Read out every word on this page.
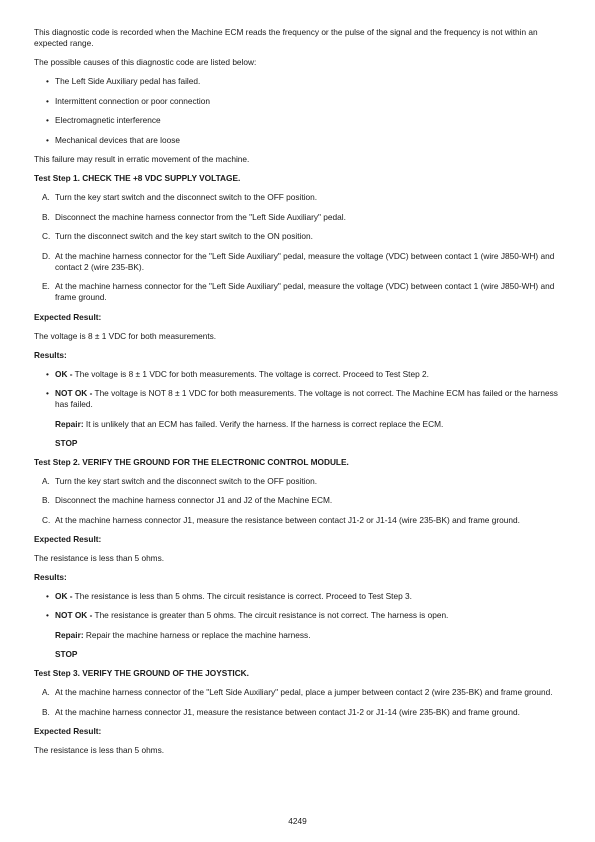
This diagnostic code is recorded when the Machine ECM reads the frequency or the pulse of the signal and the frequency is not within an expected range.

The possible causes of this diagnostic code are listed below:

• The Left Side Auxiliary pedal has failed.
• Intermittent connection or poor connection
• Electromagnetic interference
• Mechanical devices that are loose

This failure may result in erratic movement of the machine.

Test Step 1. CHECK THE +8 VDC SUPPLY VOLTAGE.

A. Turn the key start switch and the disconnect switch to the OFF position.
B. Disconnect the machine harness connector from the "Left Side Auxiliary" pedal.
C. Turn the disconnect switch and the key start switch to the ON position.
D. At the machine harness connector for the "Left Side Auxiliary" pedal, measure the voltage (VDC) between contact 1 (wire J850-WH) and contact 2 (wire 235-BK).
E. At the machine harness connector for the "Left Side Auxiliary" pedal, measure the voltage (VDC) between contact 1 (wire J850-WH) and frame ground.

Expected Result:

The voltage is 8 ± 1 VDC for both measurements.

Results:

• OK - The voltage is 8 ± 1 VDC for both measurements. The voltage is correct. Proceed to Test Step 2.
• NOT OK - The voltage is NOT 8 ± 1 VDC for both measurements. The voltage is not correct. The Machine ECM has failed or the harness has failed.
Repair: It is unlikely that an ECM has failed. Verify the harness. If the harness is correct replace the ECM.
STOP

Test Step 2. VERIFY THE GROUND FOR THE ELECTRONIC CONTROL MODULE.

A. Turn the key start switch and the disconnect switch to the OFF position.
B. Disconnect the machine harness connector J1 and J2 of the Machine ECM.
C. At the machine harness connector J1, measure the resistance between contact J1-2 or J1-14 (wire 235-BK) and frame ground.

Expected Result:

The resistance is less than 5 ohms.

Results:

• OK - The resistance is less than 5 ohms. The circuit resistance is correct. Proceed to Test Step 3.
• NOT OK - The resistance is greater than 5 ohms. The circuit resistance is not correct. The harness is open.
Repair: Repair the machine harness or replace the machine harness.
STOP

Test Step 3. VERIFY THE GROUND OF THE JOYSTICK.

A. At the machine harness connector of the "Left Side Auxiliary" pedal, place a jumper between contact 2 (wire 235-BK) and frame ground.
B. At the machine harness connector J1, measure the resistance between contact J1-2 or J1-14 (wire 235-BK) and frame ground.

Expected Result:

The resistance is less than 5 ohms.

4249
